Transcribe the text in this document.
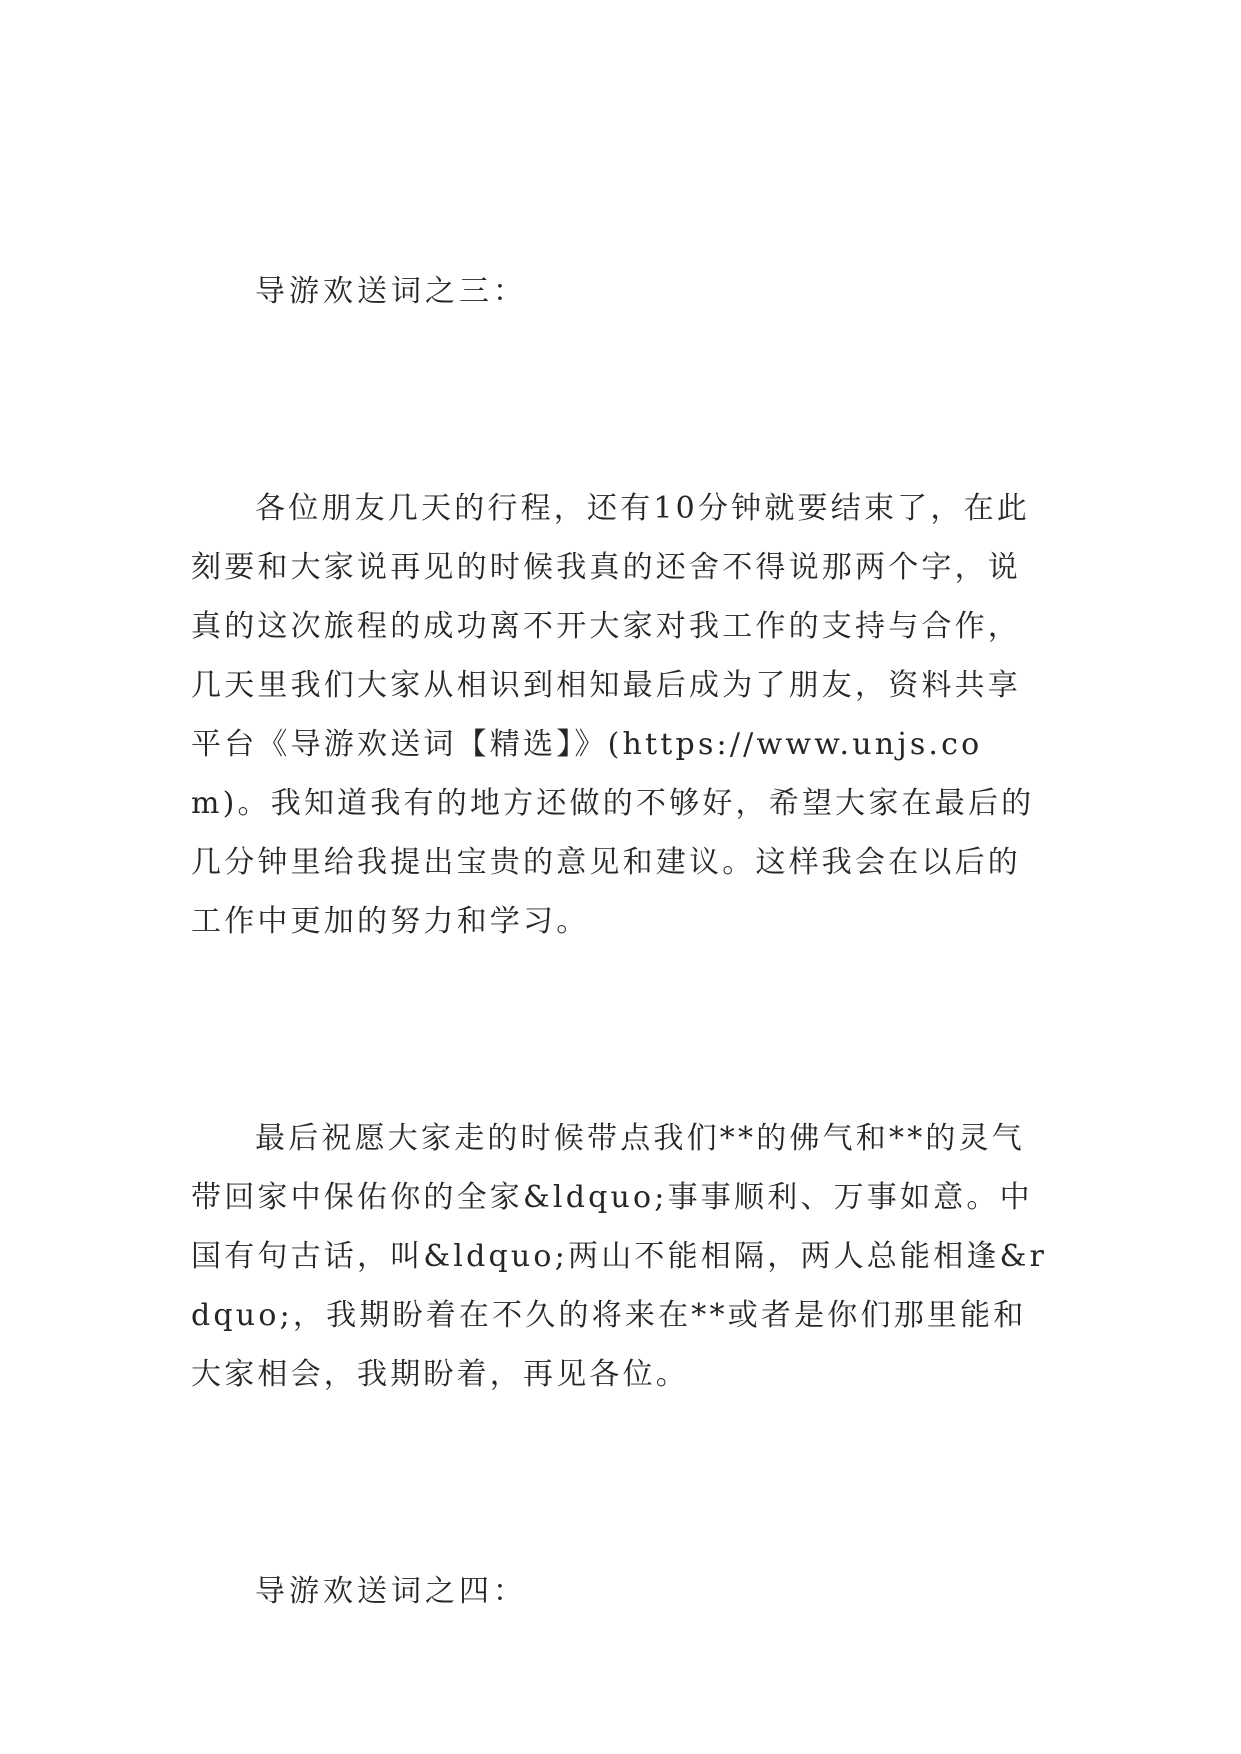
导游欢送词之三：

各位朋友几天的行程，还有10分钟就要结束了，在此刻要和大家说再见的时候我真的还舍不得说那两个字，说真的这次旅程的成功离不开大家对我工作的支持与合作，几天里我们大家从相识到相知最后成为了朋友，资料共享平台《导游欢送词【精选】》(https://www.unjs.com)。我知道我有的地方还做的不够好，希望大家在最后的几分钟里给我提出宝贵的意见和建议。这样我会在以后的工作中更加的努力和学习。

最后祝愿大家走的时候带点我们**的佛气和**的灵气带回家中保佑你的全家&ldquo;事事顺利、万事如意。中国有句古话，叫&ldquo;两山不能相隔，两人总能相逢&rdquo;，我期盼着在不久的将来在**或者是你们那里能和大家相会，我期盼着，再见各位。

导游欢送词之四：
